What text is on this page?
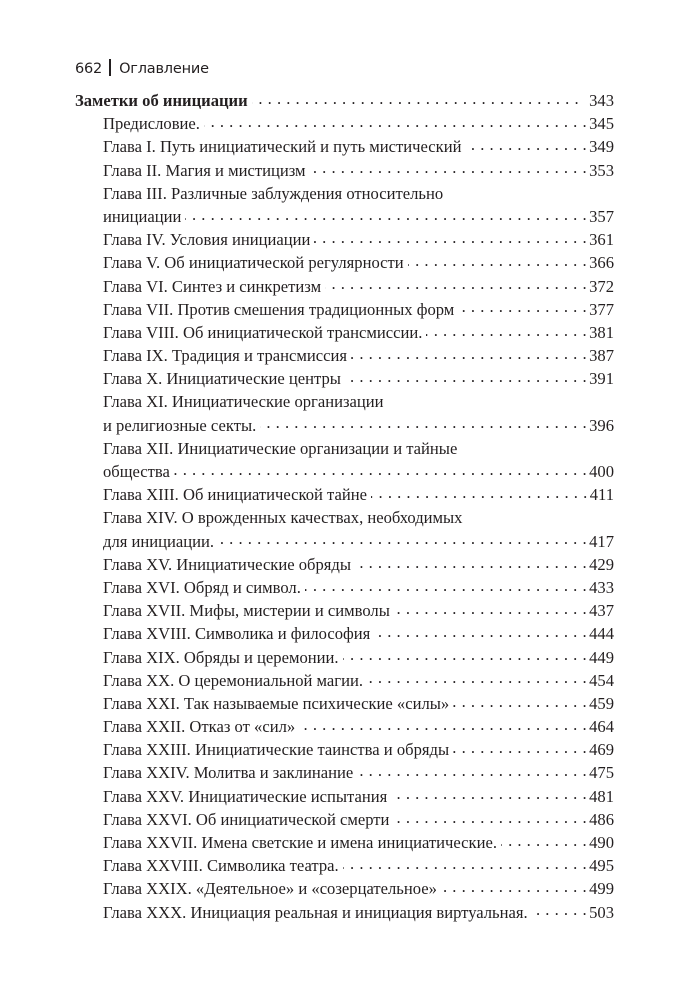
662 Оглавление
Заметки об инициации . . .	343
Предисловие. . . .	345
Глава I. Путь инициатический и путь мистический . . .	349
Глава II. Магия и мистицизм . . .	353
Глава III. Различные заблуждения относительно
инициации . . .	357
Глава IV. Условия инициации . . .	361
Глава V. Об инициатической регулярности . . .	366
Глава VI. Синтез и синкретизм . . .	372
Глава VII. Против смешения традиционных форм . . .	377
Глава VIII. Об инициатической трансмиссии. . . .	381
Глава IX. Традиция и трансмиссия . . .	387
Глава X. Инициатические центры . . .	391
Глава XI. Инициатические организации
и религиозные секты. . . .	396
Глава XII. Инициатические организации и тайные
общества . . .	400
Глава XIII. Об инициатической тайне . . .	411
Глава XIV. О врожденных качествах, необходимых
для инициации. . . .	417
Глава XV. Инициатические обряды . . .	429
Глава XVI. Обряд и символ. . . .	433
Глава XVII. Мифы, мистерии и символы . . .	437
Глава XVIII. Символика и философия . . .	444
Глава XIX. Обряды и церемонии. . . .	449
Глава XX. О церемониальной магии. . . .	454
Глава XXI. Так называемые психические «силы» . . .	459
Глава XXII. Отказ от «сил» . . .	464
Глава XXIII. Инициатические таинства и обряды . . .	469
Глава XXIV. Молитва и заклинание . . .	475
Глава XXV. Инициатические испытания . . .	481
Глава XXVI. Об инициатической смерти . . .	486
Глава XXVII. Имена светские и имена инициатические. . . .	490
Глава XXVIII. Символика театра. . . .	495
Глава XXIX. «Деятельное» и «созерцательное» . . .	499
Глава XXX. Инициация реальная и инициация виртуальная. . . .	503
